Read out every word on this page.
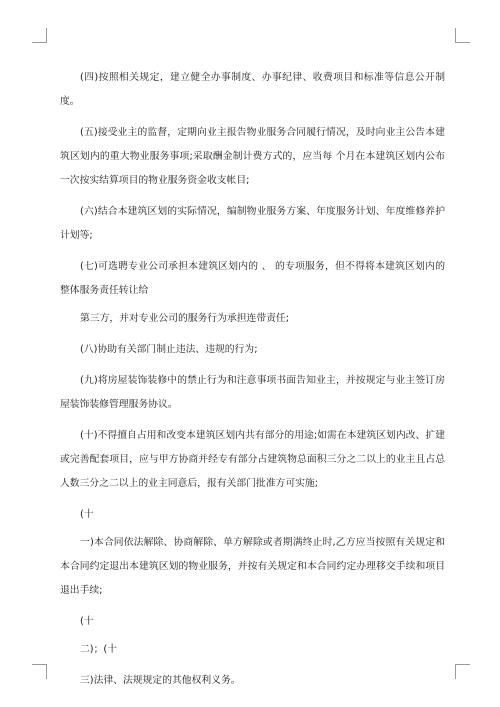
(四)按照相关规定，建立健全办事制度、办事纪律、收费项目和标准等信息公开制度。

(五)接受业主的监督，定期向业主报告物业服务合同履行情况，及时向业主公告本建筑区划内的重大物业服务事项;采取酬金制计费方式的，应当每 个月在本建筑区划内公布一次按实结算项目的物业服务资金收支帐目;

(六)结合本建筑区划的实际情况，编制物业服务方案、年度服务计划、年度维修养护计划等;

(七)可选聘专业公司承担本建筑区划内的 、 的专项服务，但不得将本建筑区划内的整体服务责任转让给

第三方，并对专业公司的服务行为承担连带责任;

(八)协助有关部门制止违法、违规的行为;

(九)将房屋装饰装修中的禁止行为和注意事项书面告知业主，并按规定与业主签订房屋装饰装修管理服务协议。

(十)不得擅自占用和改变本建筑区划内共有部分的用途;如需在本建筑区划内改、扩建或完善配套项目，应与甲方协商并经专有部分占建筑物总面积三分之二以上的业主且占总人数三分之二以上的业主同意后，报有关部门批准方可实施;

(十

一)本合同依法解除、协商解除、单方解除或者期满终止时,乙方应当按照有关规定和本合同约定退出本建筑区划的物业服务，并按有关规定和本合同约定办理移交手续和项目退出手续;

(十

二)；(十

三)法律、法规规定的其他权利义务。
